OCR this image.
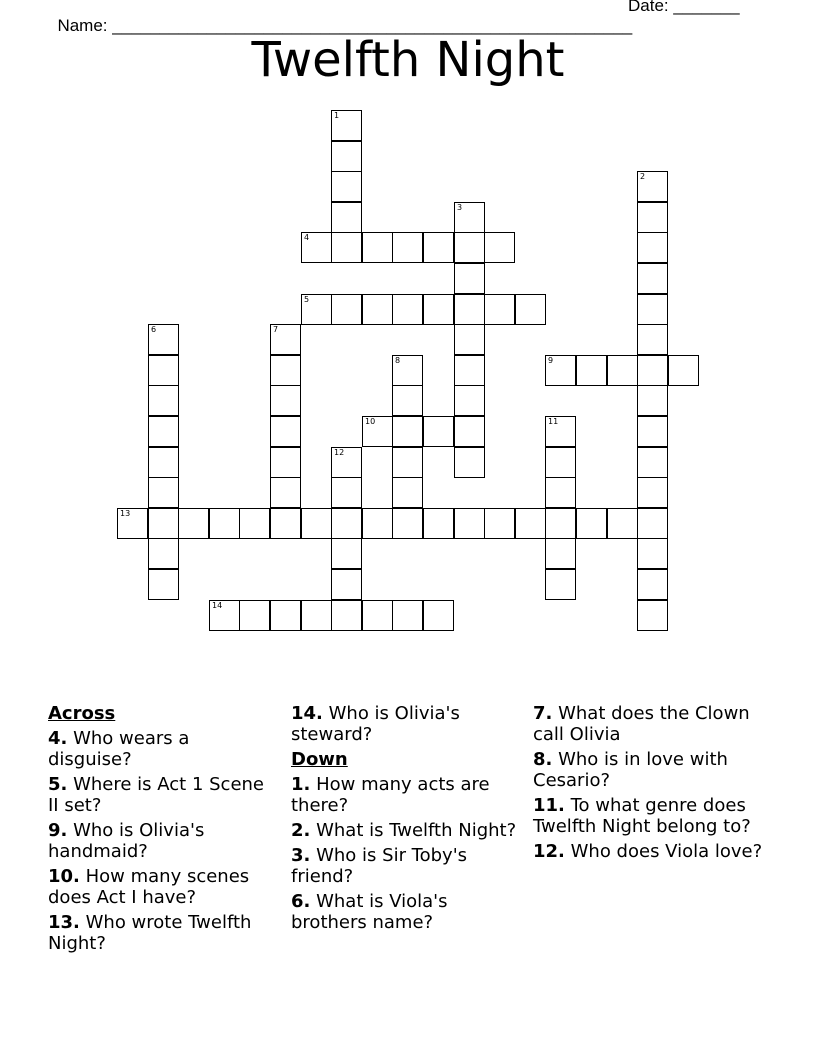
Name: _______________________________________________________

Date: _______

Twelfth Night
1
2
3
4
5
6	7
8	9
10	11
12
13
14
Across
4. Who wears a disguise?
5. Where is Act 1 Scene II set?
9. Who is Olivia's handmaid?
10. How many scenes does Act I have?
13. Who wrote Twelfth Night?
14. Who is Olivia's steward?
Down
1. How many acts are there?
2. What is Twelfth Night?
3. Who is Sir Toby's friend?
6. What is Viola's brothers name?
7. What does the Clown call Olivia
8. Who is in love with Cesario?
11. To what genre does Twelfth Night belong to?
12. Who does Viola love?
